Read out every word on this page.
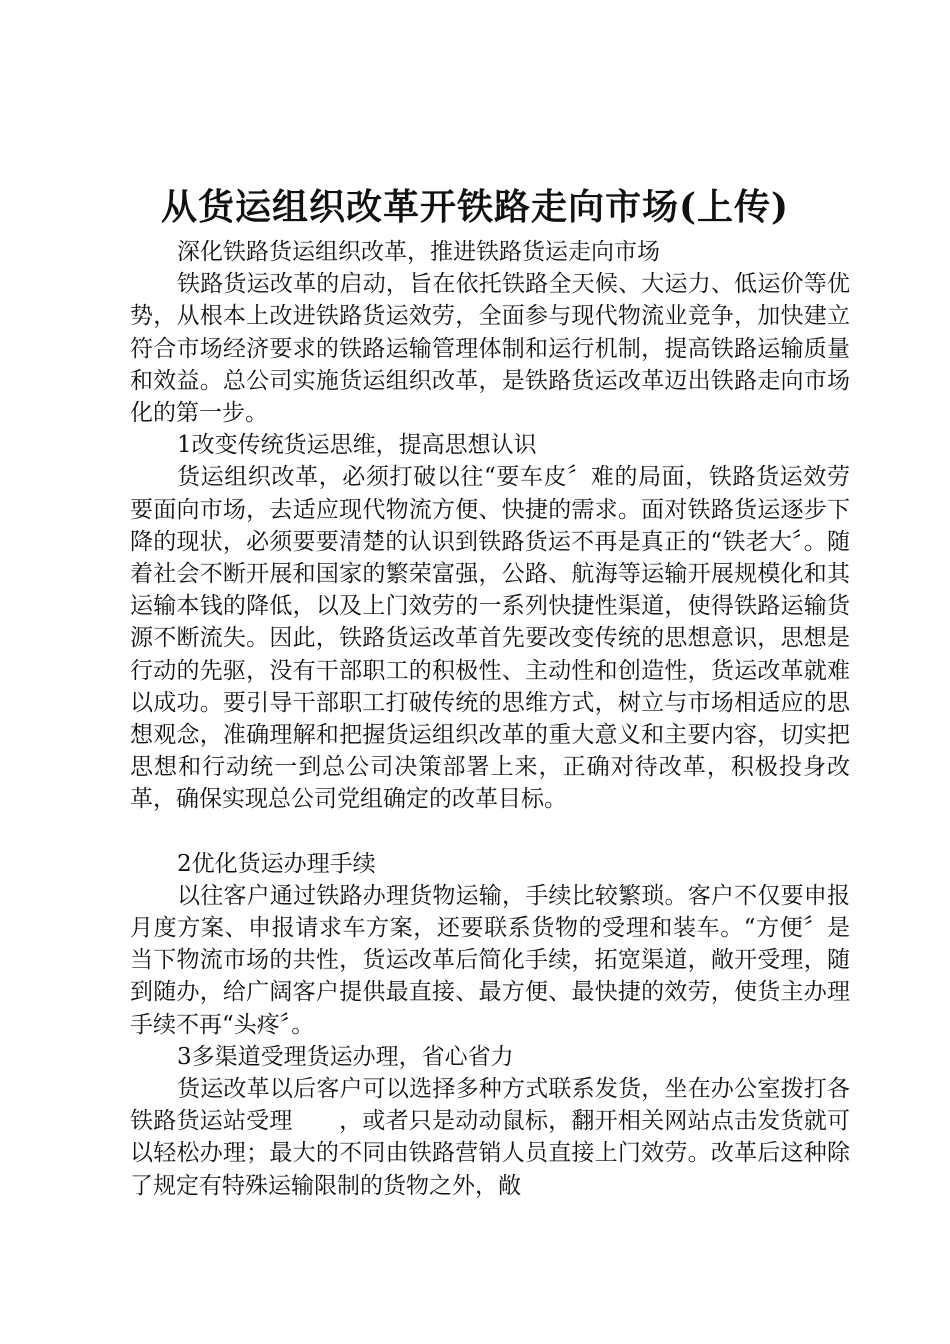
从货运组织改革开铁路走向市场(上传)

深化铁路货运组织改革，推进铁路货运走向市场

铁路货运改革的启动，旨在依托铁路全天候、大运力、低运价等优势，从根本上改进铁路货运效劳，全面参与现代物流业竞争，加快建立符合市场经济要求的铁路运输管理体制和运行机制，提高铁路运输质量和效益。总公司实施货运组织改革，是铁路货运改革迈出铁路走向市场化的第一步。

1改变传统货运思维，提高思想认识

货运组织改革，必须打破以往“要车皮〞难的局面，铁路货运效劳要面向市场，去适应现代物流方便、快捷的需求。面对铁路货运逐步下降的现状，必须要要清楚的认识到铁路货运不再是真正的“铁老大〞。随着社会不断开展和国家的繁荣富强，公路、航海等运输开展规模化和其运输本钱的降低，以及上门效劳的一系列快捷性渠道，使得铁路运输货源不断流失。因此，铁路货运改革首先要改变传统的思想意识，思想是行动的先驱，没有干部职工的积极性、主动性和创造性，货运改革就难以成功。要引导干部职工打破传统的思维方式，树立与市场相适应的思想观念，准确理解和把握货运组织改革的重大意义和主要内容，切实把思想和行动统一到总公司决策部署上来，正确对待改革，积极投身改革，确保实现总公司党组确定的改革目标。

2优化货运办理手续

以往客户通过铁路办理货物运输，手续比较繁琐。客户不仅要申报月度方案、申报请求车方案，还要联系货物的受理和装车。“方便〞是当下物流市场的共性，货运改革后简化手续，拓宽渠道，敞开受理，随到随办，给广阔客户提供最直接、最方便、最快捷的效劳，使货主办理手续不再“头疼〞。

3多渠道受理货运办理，省心省力

货运改革以后客户可以选择多种方式联系发货，坐在办公室拨打各铁路货运站受理　　，或者只是动动鼠标，翻开相关网站点击发货就可以轻松办理；最大的不同由铁路营销人员直接上门效劳。改革后这种除了规定有特殊运输限制的货物之外，敞
